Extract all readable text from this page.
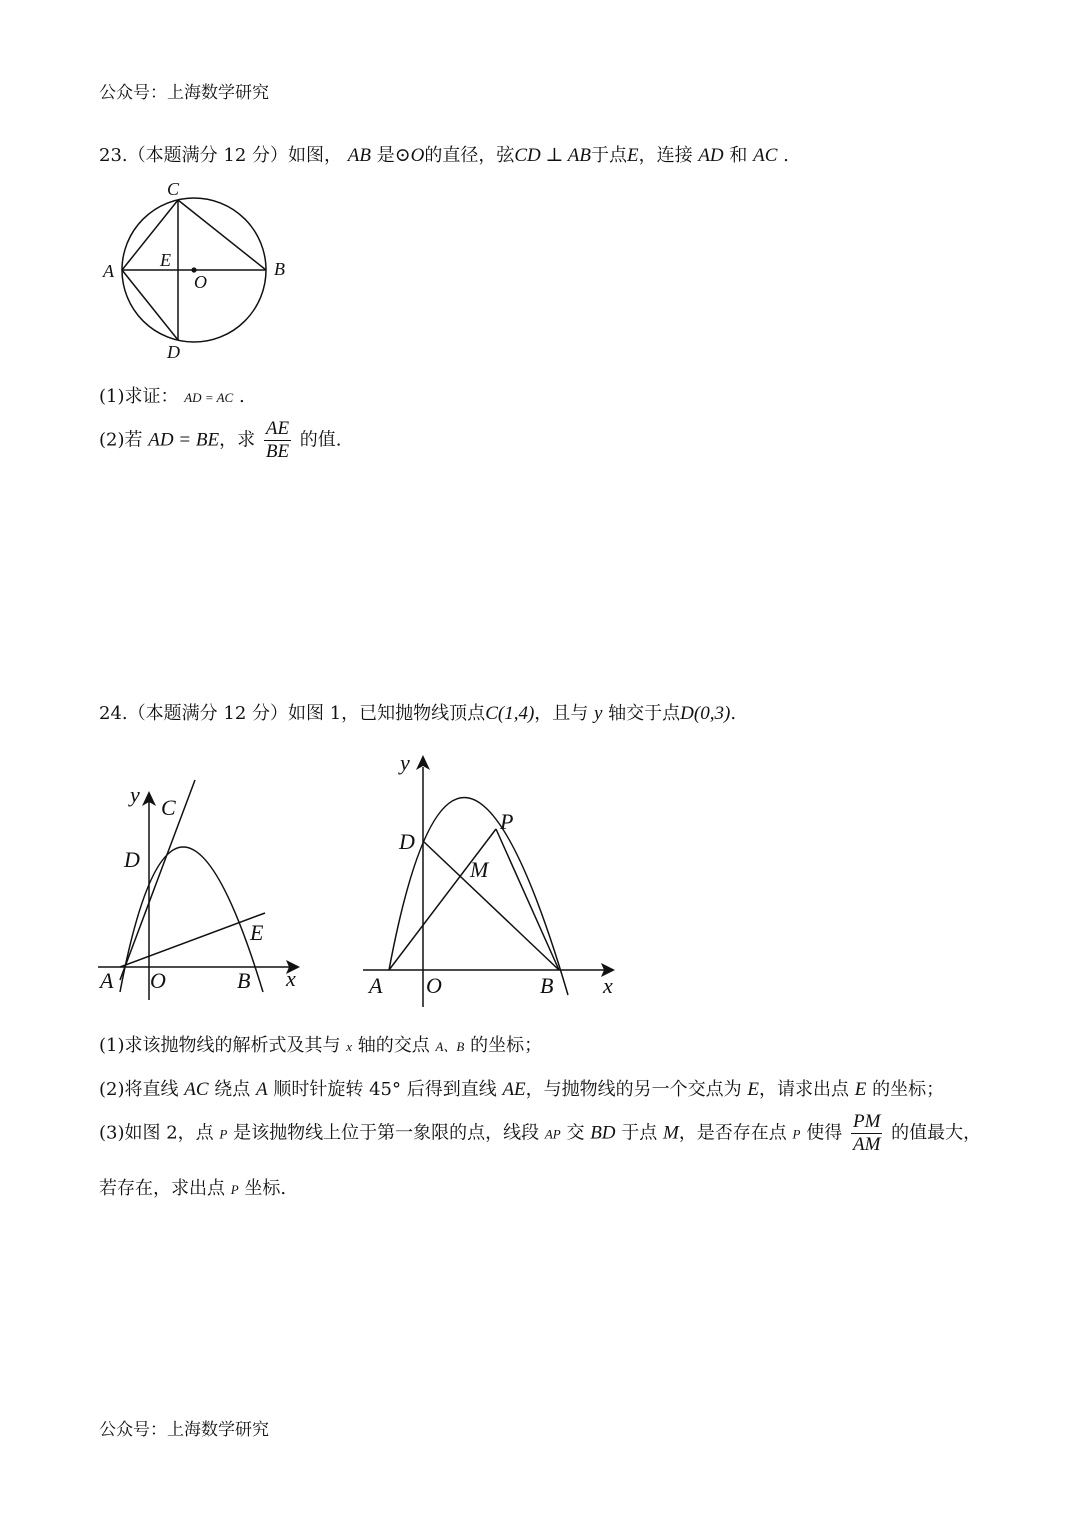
公众号：上海数学研究
23.（本题满分 12 分）如图， AB 是⊙O的直径，弦CD ⊥ AB于点E，连接 AD 和 AC .
C
A	B
E
O
D
(1)求证： AD = AC .
(2)若 AD = BE，求 $\frac{AE}{BE}$ 的值.
24.（本题满分 12 分）如图 1，已知抛物线顶点C(1,4)，且与 y 轴交于点D(0,3).
y
C
D
E
A O	B x
y
D
P
M
A O	B x
(1)求该抛物线的解析式及其与 x 轴的交点 A、B 的坐标；
(2)将直线 AC 绕点 A 顺时针旋转 45° 后得到直线 AE，与抛物线的另一个交点为 E，请求出点 E 的坐标；
(3)如图 2，点 P 是该抛物线上位于第一象限的点，线段 AP 交 BD 于点 M，是否存在点 P 使得 $\frac{PM}{AM}$ 的值最大，
若存在，求出点 P 坐标.
公众号：上海数学研究
